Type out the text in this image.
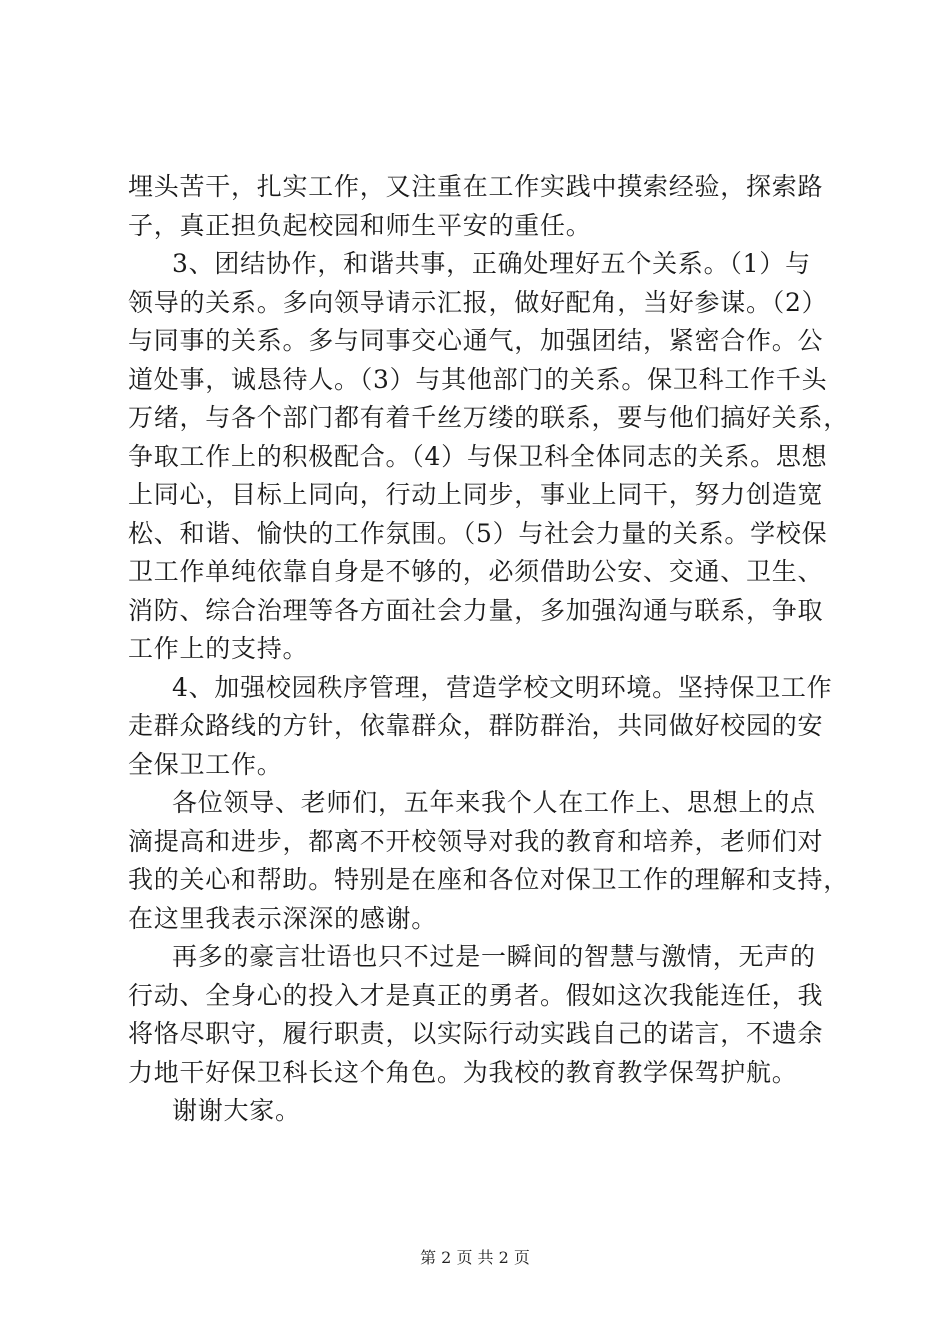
埋头苦干，扎实工作，又注重在工作实践中摸索经验，探索路
子，真正担负起校园和师生平安的重任。
3、团结协作，和谐共事，正确处理好五个关系。（1）与
领导的关系。多向领导请示汇报，做好配角，当好参谋。（2）
与同事的关系。多与同事交心通气，加强团结，紧密合作。公
道处事，诚恳待人。（3）与其他部门的关系。保卫科工作千头
万绪，与各个部门都有着千丝万缕的联系，要与他们搞好关系，
争取工作上的积极配合。（4）与保卫科全体同志的关系。思想
上同心，目标上同向，行动上同步，事业上同干，努力创造宽
松、和谐、愉快的工作氛围。（5）与社会力量的关系。学校保
卫工作单纯依靠自身是不够的，必须借助公安、交通、卫生、
消防、综合治理等各方面社会力量，多加强沟通与联系，争取
工作上的支持。
4、加强校园秩序管理，营造学校文明环境。坚持保卫工作
走群众路线的方针，依靠群众，群防群治，共同做好校园的安
全保卫工作。
各位领导、老师们，五年来我个人在工作上、思想上的点
滴提高和进步，都离不开校领导对我的教育和培养，老师们对
我的关心和帮助。特别是在座和各位对保卫工作的理解和支持，
在这里我表示深深的感谢。
再多的豪言壮语也只不过是一瞬间的智慧与激情，无声的
行动、全身心的投入才是真正的勇者。假如这次我能连任，我
将恪尽职守，履行职责，以实际行动实践自己的诺言，不遗余
力地干好保卫科长这个角色。为我校的教育教学保驾护航。
谢谢大家。
第 2 页 共 2 页
